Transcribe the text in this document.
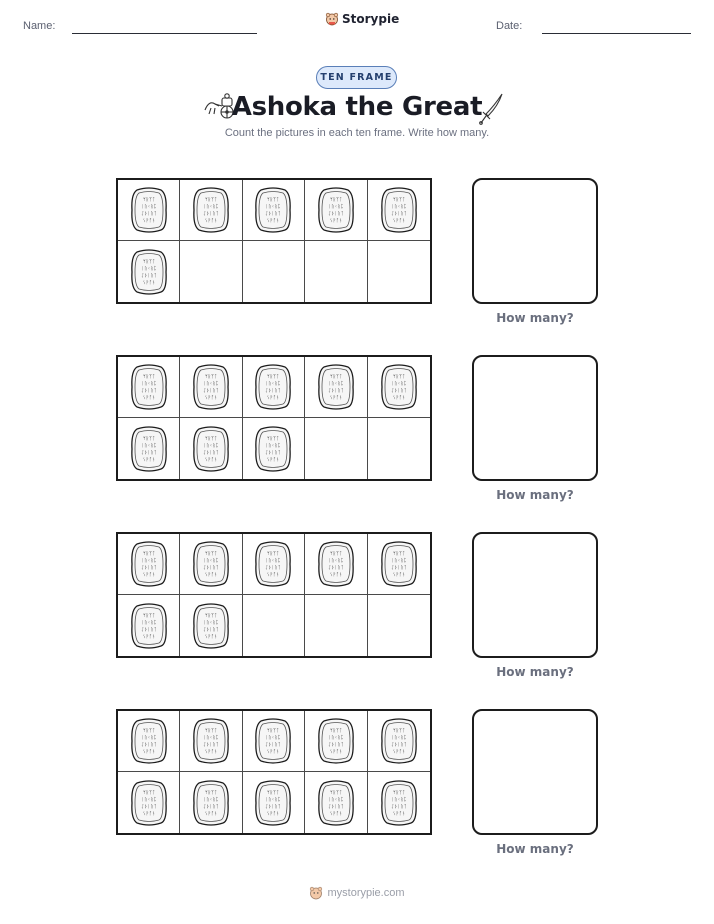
Name:	Storypie	Date:
TEN FRAME
Ashoka the Great
Count the pictures in each ten frame. Write how many.
ᛘᚱᛉᛏ
ᛁᚢᚲᚱᛈ
ᛇᚦᛁᚢᛏ
ᛊᚹᚪᚾ
ᛘᚱᛉᛏ
ᛁᚢᚲᚱᛈ
ᛇᚦᛁᚢᛏ
ᛊᚹᚪᚾ
ᛘᚱᛉᛏ
ᛁᚢᚲᚱᛈ
ᛇᚦᛁᚢᛏ
ᛊᚹᚪᚾ
ᛘᚱᛉᛏ
ᛁᚢᚲᚱᛈ
ᛇᚦᛁᚢᛏ
ᛊᚹᚪᚾ
ᛘᚱᛉᛏ
ᛁᚢᚲᚱᛈ
ᛇᚦᛁᚢᛏ
ᛊᚹᚪᚾ
ᛘᚱᛉᛏ
ᛁᚢᚲᚱᛈ
ᛇᚦᛁᚢᛏ
ᛊᚹᚪᚾ
How many?
ᛘᚱᛉᛏ
ᛁᚢᚲᚱᛈ
ᛇᚦᛁᚢᛏ
ᛊᚹᚪᚾ
ᛘᚱᛉᛏ
ᛁᚢᚲᚱᛈ
ᛇᚦᛁᚢᛏ
ᛊᚹᚪᚾ
ᛘᚱᛉᛏ
ᛁᚢᚲᚱᛈ
ᛇᚦᛁᚢᛏ
ᛊᚹᚪᚾ
ᛘᚱᛉᛏ
ᛁᚢᚲᚱᛈ
ᛇᚦᛁᚢᛏ
ᛊᚹᚪᚾ
ᛘᚱᛉᛏ
ᛁᚢᚲᚱᛈ
ᛇᚦᛁᚢᛏ
ᛊᚹᚪᚾ
ᛘᚱᛉᛏ
ᛁᚢᚲᚱᛈ
ᛇᚦᛁᚢᛏ
ᛊᚹᚪᚾ
ᛘᚱᛉᛏ
ᛁᚢᚲᚱᛈ
ᛇᚦᛁᚢᛏ
ᛊᚹᚪᚾ
ᛘᚱᛉᛏ
ᛁᚢᚲᚱᛈ
ᛇᚦᛁᚢᛏ
ᛊᚹᚪᚾ
How many?
ᛘᚱᛉᛏ
ᛁᚢᚲᚱᛈ
ᛇᚦᛁᚢᛏ
ᛊᚹᚪᚾ
ᛘᚱᛉᛏ
ᛁᚢᚲᚱᛈ
ᛇᚦᛁᚢᛏ
ᛊᚹᚪᚾ
ᛘᚱᛉᛏ
ᛁᚢᚲᚱᛈ
ᛇᚦᛁᚢᛏ
ᛊᚹᚪᚾ
ᛘᚱᛉᛏ
ᛁᚢᚲᚱᛈ
ᛇᚦᛁᚢᛏ
ᛊᚹᚪᚾ
ᛘᚱᛉᛏ
ᛁᚢᚲᚱᛈ
ᛇᚦᛁᚢᛏ
ᛊᚹᚪᚾ
ᛘᚱᛉᛏ
ᛁᚢᚲᚱᛈ
ᛇᚦᛁᚢᛏ
ᛊᚹᚪᚾ
ᛘᚱᛉᛏ
ᛁᚢᚲᚱᛈ
ᛇᚦᛁᚢᛏ
ᛊᚹᚪᚾ
How many?
ᛘᚱᛉᛏ
ᛁᚢᚲᚱᛈ
ᛇᚦᛁᚢᛏ
ᛊᚹᚪᚾ
ᛘᚱᛉᛏ
ᛁᚢᚲᚱᛈ
ᛇᚦᛁᚢᛏ
ᛊᚹᚪᚾ
ᛘᚱᛉᛏ
ᛁᚢᚲᚱᛈ
ᛇᚦᛁᚢᛏ
ᛊᚹᚪᚾ
ᛘᚱᛉᛏ
ᛁᚢᚲᚱᛈ
ᛇᚦᛁᚢᛏ
ᛊᚹᚪᚾ
ᛘᚱᛉᛏ
ᛁᚢᚲᚱᛈ
ᛇᚦᛁᚢᛏ
ᛊᚹᚪᚾ
ᛘᚱᛉᛏ
ᛁᚢᚲᚱᛈ
ᛇᚦᛁᚢᛏ
ᛊᚹᚪᚾ
ᛘᚱᛉᛏ
ᛁᚢᚲᚱᛈ
ᛇᚦᛁᚢᛏ
ᛊᚹᚪᚾ
ᛘᚱᛉᛏ
ᛁᚢᚲᚱᛈ
ᛇᚦᛁᚢᛏ
ᛊᚹᚪᚾ
ᛘᚱᛉᛏ
ᛁᚢᚲᚱᛈ
ᛇᚦᛁᚢᛏ
ᛊᚹᚪᚾ
ᛘᚱᛉᛏ
ᛁᚢᚲᚱᛈ
ᛇᚦᛁᚢᛏ
ᛊᚹᚪᚾ
How many?
mystorypie.com
